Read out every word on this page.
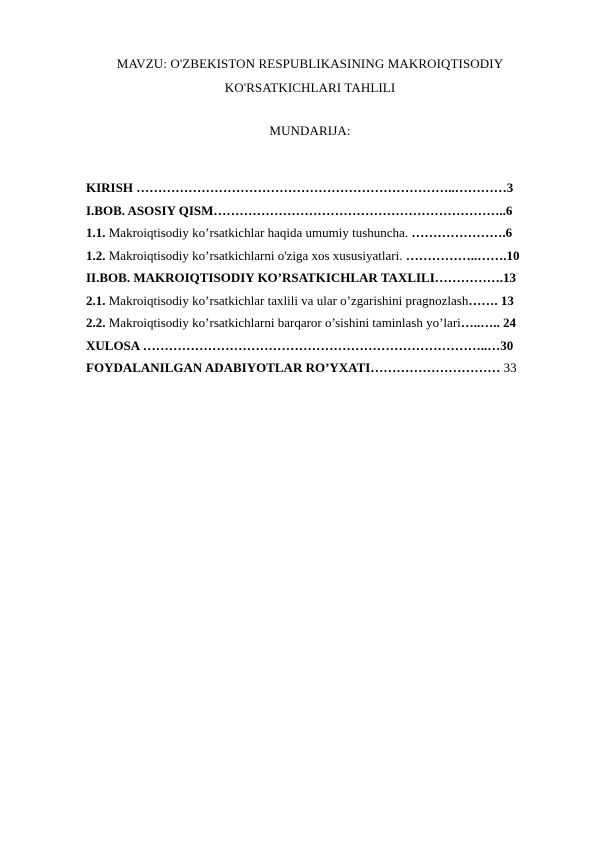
MAVZU: O'ZBEKISTON RESPUBLIKASINING MAKROIQTISODIY
KO'RSATKICHLARI TAHLILI
MUNDARIJA:
KIRISH ………………………………………………………………..…………3
I.BOB. ASOSIY QISM…………………………………………………………..6
1.1. Makroiqtisodiy ko’rsatkichlar haqida umumiy tushuncha. ………………….6
1.2. Makroiqtisodiy ko’rsatkichlarni o'ziga xos xususiyatlari. ……………..…….10
II.BOB. MAKROIQTISODIY KO’RSATKICHLAR TAXLILI…………….13
2.1. Makroiqtisodiy ko’rsatkichlar taxlili va ular o’zgarishini pragnozlash……. 13
2.2. Makroiqtisodiy ko’rsatkichlarni barqaror o’sishini taminlash yo’lari…..….. 24
XULOSA ……………………………………………………………………..…30
FOYDALANILGAN ADABIYOTLAR RO’YXATI………………………… 33
